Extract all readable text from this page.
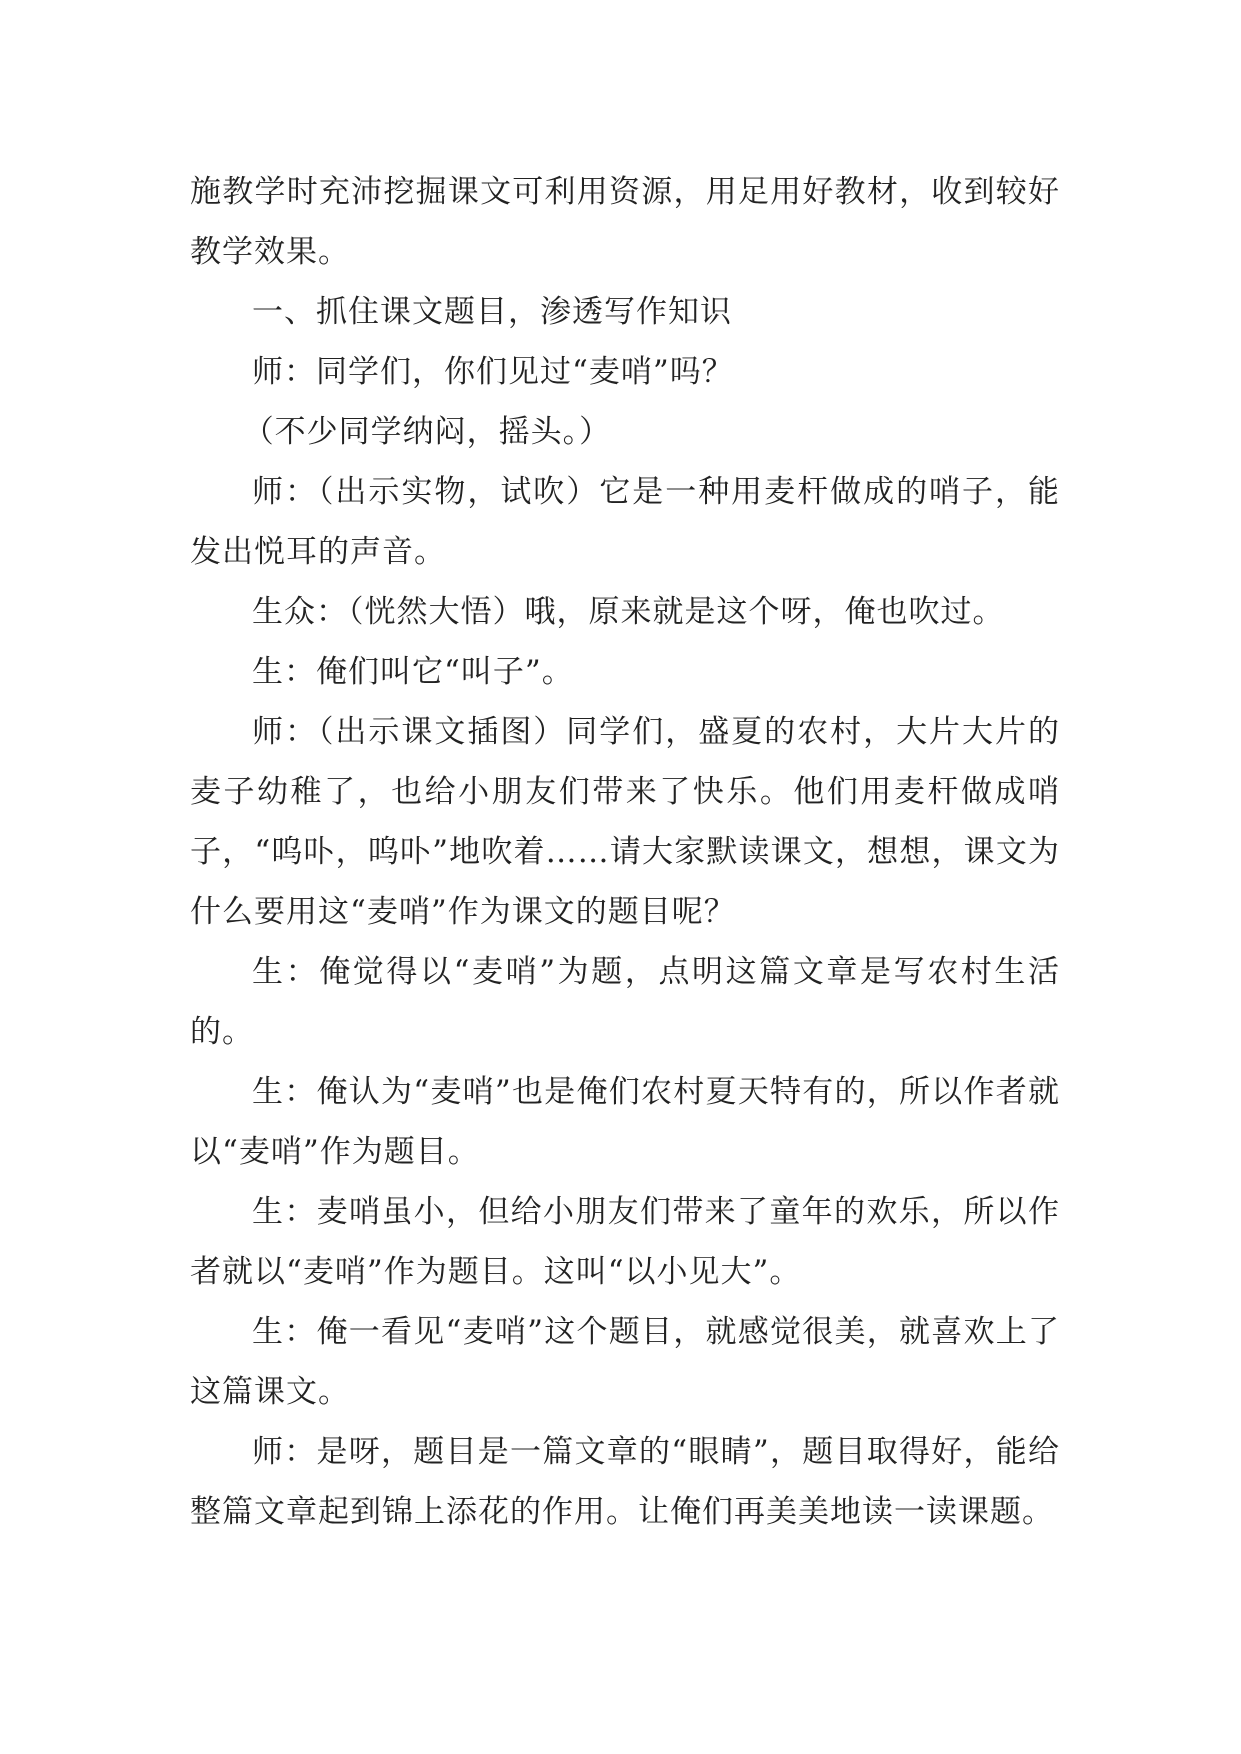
施教学时充沛挖掘课文可利用资源，用足用好教材，收到较好教学效果。

一、抓住课文题目，渗透写作知识

师：同学们，你们见过“麦哨”吗？

（不少同学纳闷，摇头。）

师：（出示实物，试吹）它是一种用麦杆做成的哨子，能发出悦耳的声音。

生众：（恍然大悟）哦，原来就是这个呀，俺也吹过。

生：俺们叫它“叫子”。

师：（出示课文插图）同学们，盛夏的农村，大片大片的麦子幼稚了，也给小朋友们带来了快乐。他们用麦杆做成哨子，“呜卟，呜卟”地吹着……请大家默读课文，想想，课文为什么要用这“麦哨”作为课文的题目呢？

生：俺觉得以“麦哨”为题，点明这篇文章是写农村生活的。

生：俺认为“麦哨”也是俺们农村夏天特有的，所以作者就以“麦哨”作为题目。

生：麦哨虽小，但给小朋友们带来了童年的欢乐，所以作者就以“麦哨”作为题目。这叫“以小见大”。

生：俺一看见“麦哨”这个题目，就感觉很美，就喜欢上了这篇课文。

师：是呀，题目是一篇文章的“眼睛”，题目取得好，能给整篇文章起到锦上添花的作用。让俺们再美美地读一读课题。
